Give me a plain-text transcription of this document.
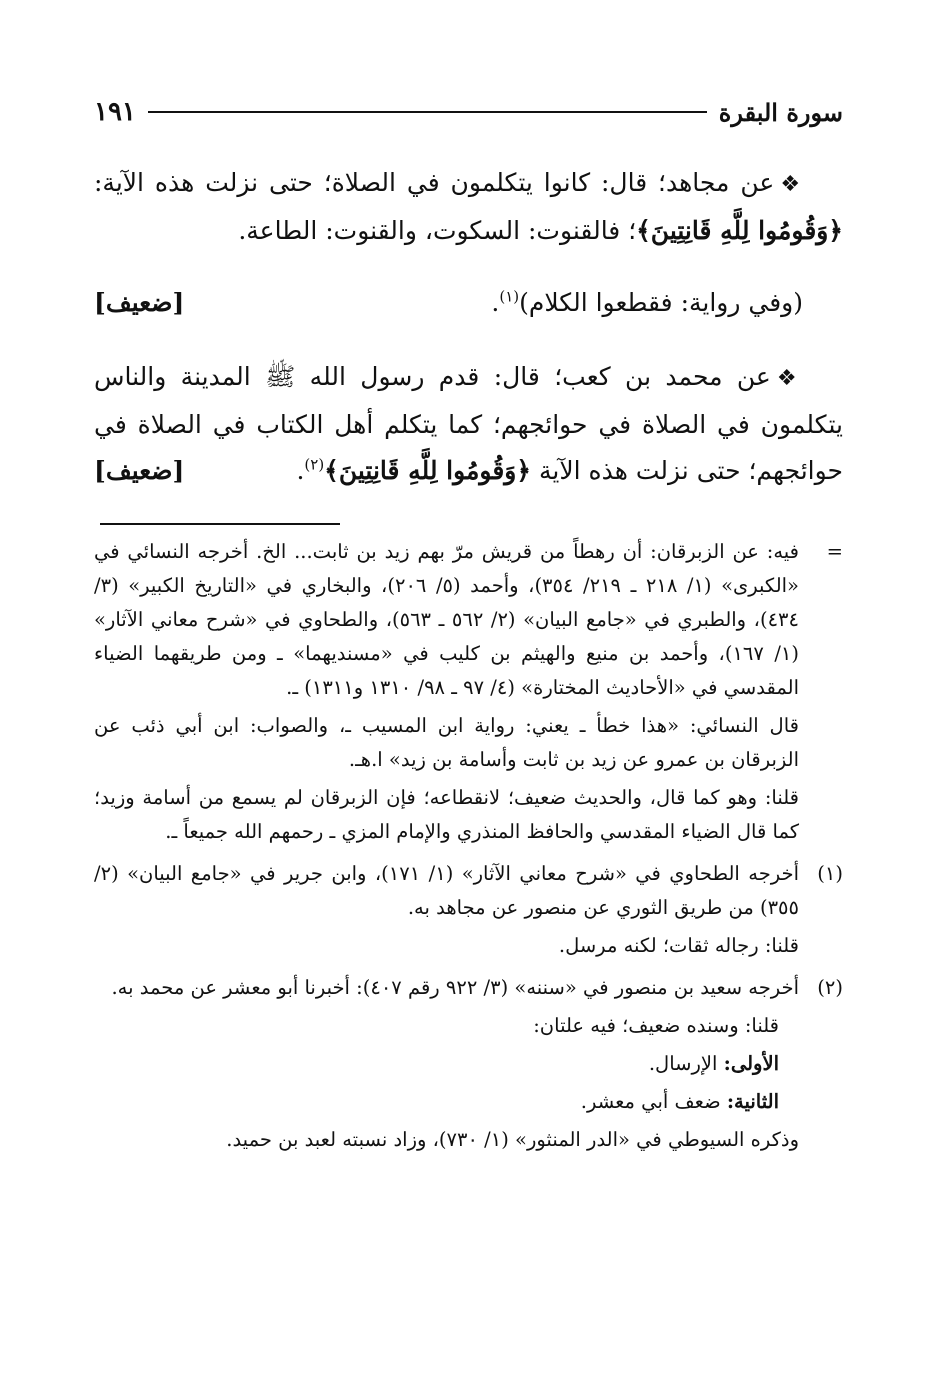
سورة البقرة
١٩١

❖عن مجاهد؛ قال: كانوا يتكلمون في الصلاة؛ حتى نزلت هذه الآية: ﴿وَقُومُوا لِلَّهِ قَانِتِينَ﴾؛ فالقنوت: السكوت، والقنوت: الطاعة.

(وفي رواية: فقطعوا الكلام)$^{(١)}$.
[ضعيف]

❖عن محمد بن كعب؛ قال: قدم رسول الله ﷺ المدينة والناس يتكلمون في الصلاة في حوائجهم؛ كما يتكلم أهل الكتاب في الصلاة في حوائجهم؛ حتى نزلت هذه الآية ﴿وَقُومُوا لِلَّهِ قَانِتِينَ﴾$^{(٢)}$.
[ضعيف]

=

فيه: عن الزبرقان: أن رهطاً من قريش مرّ بهم زيد بن ثابت... الخ. أخرجه النسائي في «الكبرى» (١/ ٢١٨ ـ ٢١٩/ ٣٥٤)، وأحمد (٥/ ٢٠٦)، والبخاري في «التاريخ الكبير» (٣/ ٤٣٤)، والطبري في «جامع البيان» (٢/ ٥٦٢ ـ ٥٦٣)، والطحاوي في «شرح معاني الآثار» (١/ ١٦٧)، وأحمد بن منيع والهيثم بن كليب في «مسنديهما» ـ ومن طريقهما الضياء المقدسي في «الأحاديث المختارة» (٤/ ٩٧ ـ ٩٨/ ١٣١٠ و١٣١١) ـ.

قال النسائي: «هذا خطأ ـ يعني: رواية ابن المسيب ـ، والصواب: ابن أبي ذئب عن الزبرقان بن عمرو عن زيد بن ثابت وأسامة بن زيد» ا.هـ.

قلنا: وهو كما قال، والحديث ضعيف؛ لانقطاعه؛ فإن الزبرقان لم يسمع من أسامة وزيد؛ كما قال الضياء المقدسي والحافظ المنذري والإمام المزي ـ رحمهم الله جميعاً ـ.

(١)

أخرجه الطحاوي في «شرح معاني الآثار» (١/ ١٧١)، وابن جرير في «جامع البيان» (٢/ ٣٥٥) من طريق الثوري عن منصور عن مجاهد به.

قلنا: رجاله ثقات؛ لكنه مرسل.

(٢)

أخرجه سعيد بن منصور في «سننه» (٣/ ٩٢٢ رقم ٤٠٧): أخبرنا أبو معشر عن محمد به.

قلنا: وسنده ضعيف؛ فيه علتان:

الأولى: الإرسال.

الثانية: ضعف أبي معشر.

وذكره السيوطي في «الدر المنثور» (١/ ٧٣٠)، وزاد نسبته لعبد بن حميد.
